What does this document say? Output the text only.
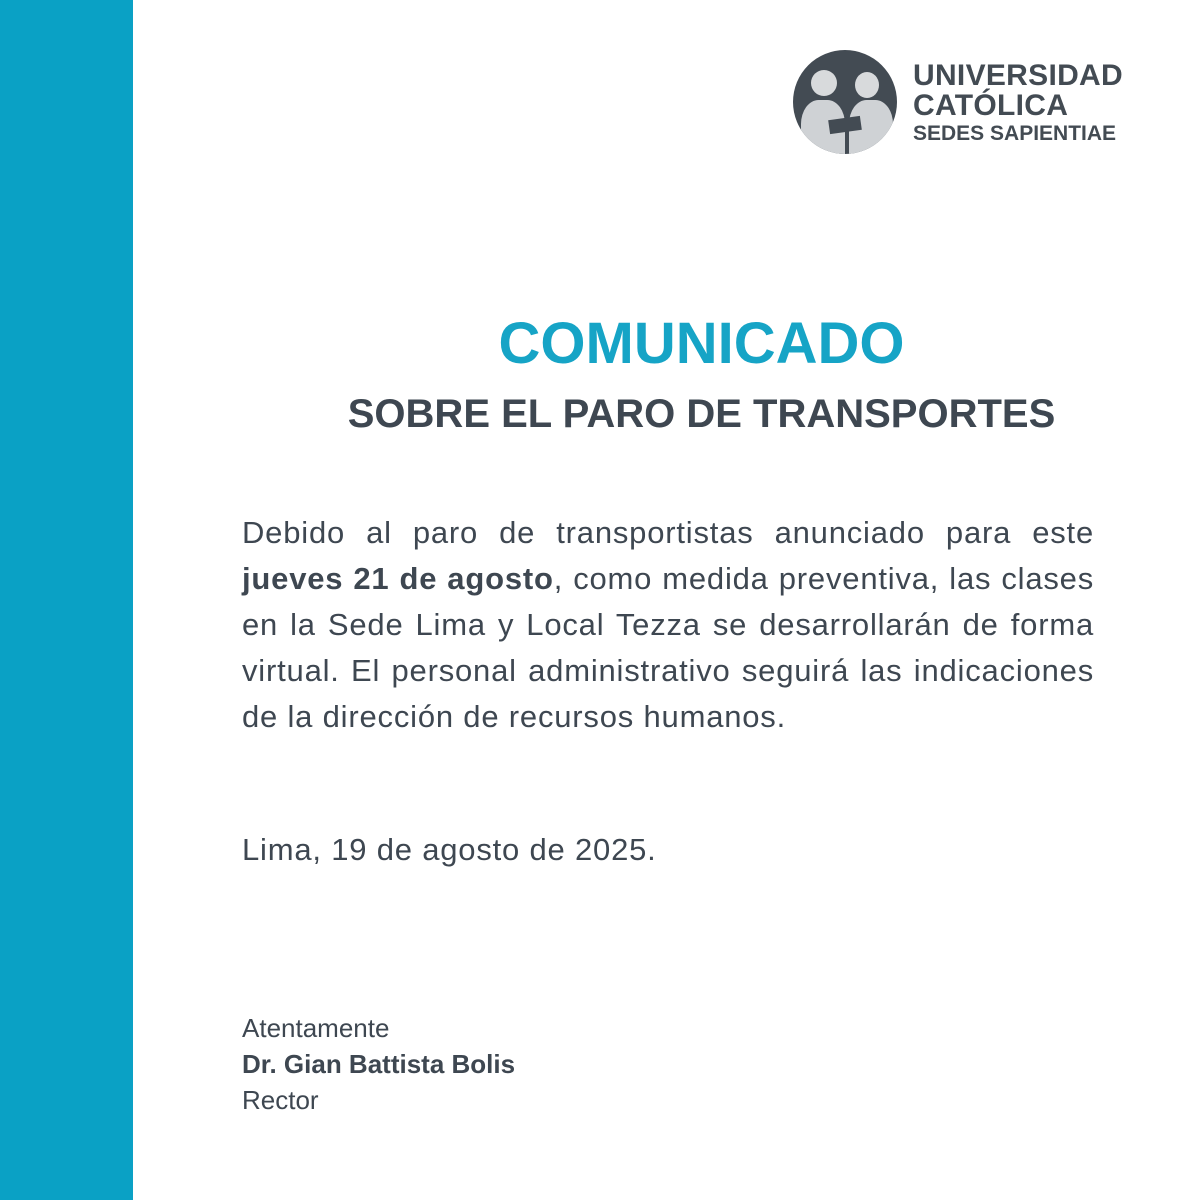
UNIVERSIDAD
CATÓLICA
SEDES SAPIENTIAE
COMUNICADO
SOBRE EL PARO DE TRANSPORTES
Debido al paro de transportistas anunciado para este jueves 21 de agosto, como medida preventiva, las clases en la Sede Lima y Local Tezza se desarrollarán de forma virtual. El personal administrativo seguirá las indicaciones de la dirección de recursos humanos.
Lima, 19 de agosto de 2025.
Atentamente
Dr. Gian Battista Bolis
Rector
